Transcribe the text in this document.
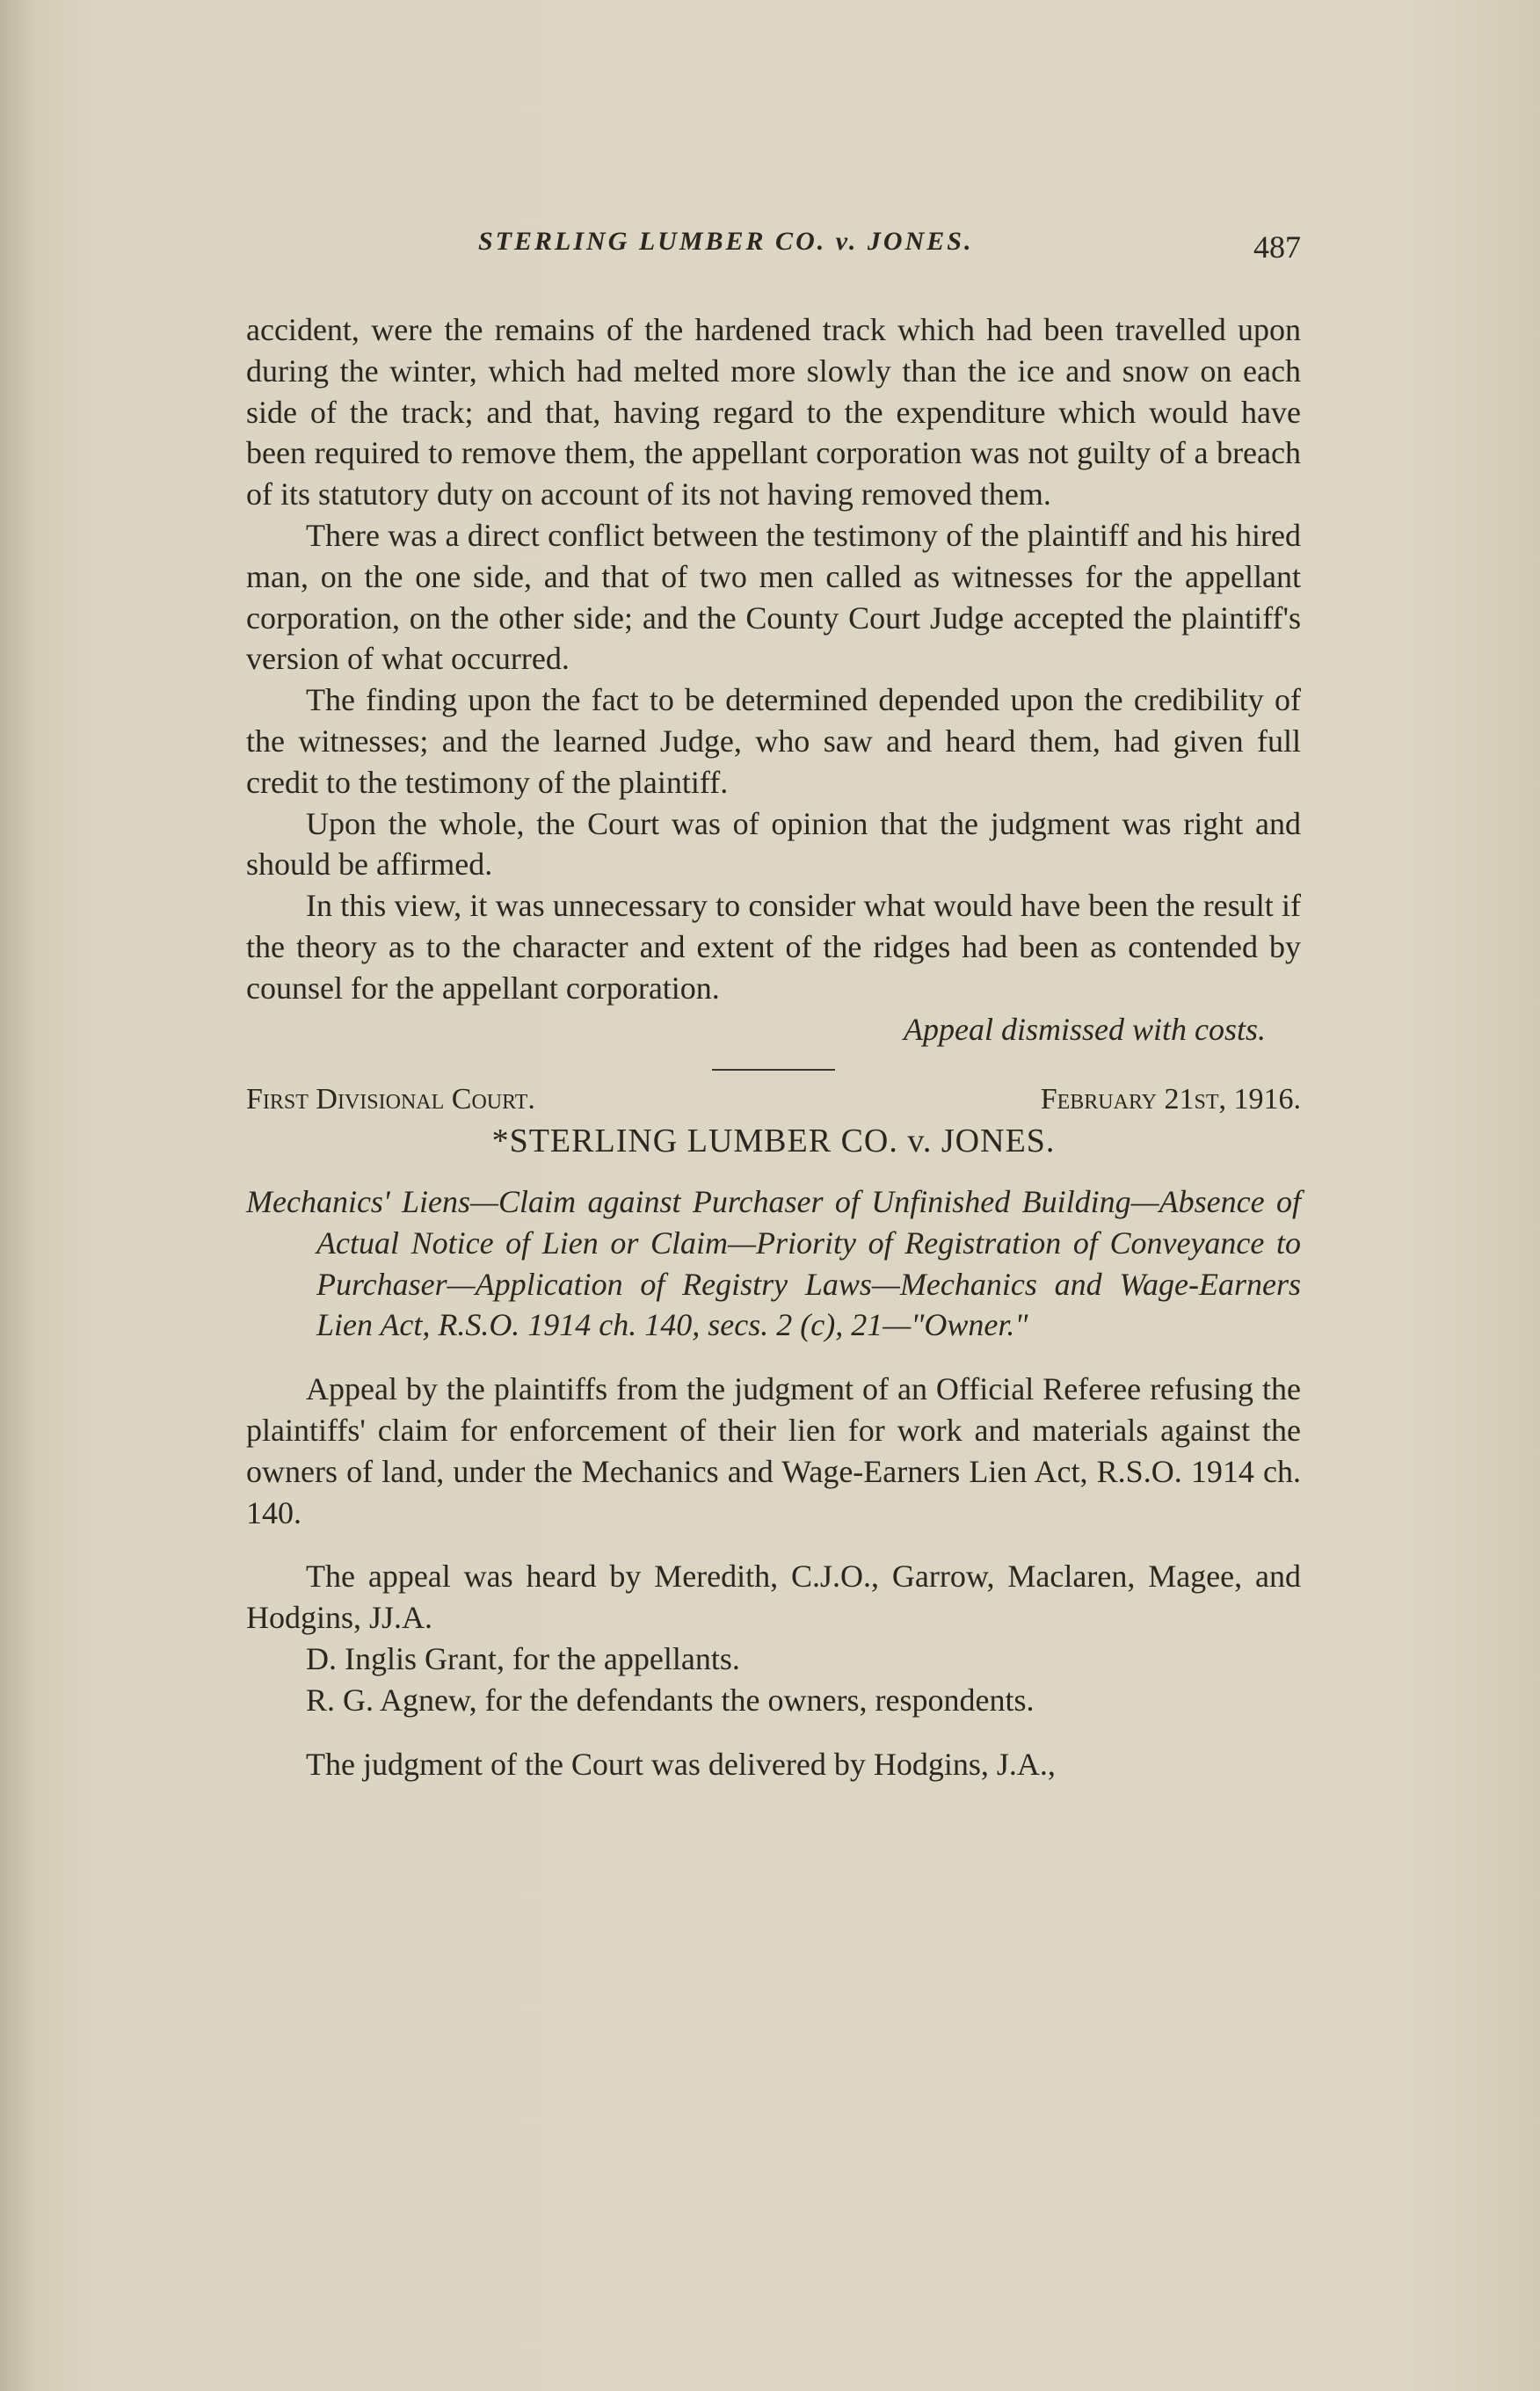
STERLING LUMBER CO. v. JONES.	487

accident, were the remains of the hardened track which had been travelled upon during the winter, which had melted more slowly than the ice and snow on each side of the track; and that, having regard to the expenditure which would have been required to remove them, the appellant corporation was not guilty of a breach of its statutory duty on account of its not having removed them.

There was a direct conflict between the testimony of the plaintiff and his hired man, on the one side, and that of two men called as witnesses for the appellant corporation, on the other side; and the County Court Judge accepted the plaintiff's version of what occurred.

The finding upon the fact to be determined depended upon the credibility of the witnesses; and the learned Judge, who saw and heard them, had given full credit to the testimony of the plaintiff.

Upon the whole, the Court was of opinion that the judgment was right and should be affirmed.

In this view, it was unnecessary to consider what would have been the result if the theory as to the character and extent of the ridges had been as contended by counsel for the appellant corporation.

Appeal dismissed with costs.

First Divisional Court.	February 21st, 1916.

*STERLING LUMBER CO. v. JONES.

Mechanics' Liens—Claim against Purchaser of Unfinished Building—Absence of Actual Notice of Lien or Claim—Priority of Registration of Conveyance to Purchaser—Application of Registry Laws—Mechanics and Wage-Earners Lien Act, R.S.O. 1914 ch. 140, secs. 2 (c), 21—"Owner."

Appeal by the plaintiffs from the judgment of an Official Referee refusing the plaintiffs' claim for enforcement of their lien for work and materials against the owners of land, under the Mechanics and Wage-Earners Lien Act, R.S.O. 1914 ch. 140.

The appeal was heard by Meredith, C.J.O., Garrow, Maclaren, Magee, and Hodgins, JJ.A.

D. Inglis Grant, for the appellants.

R. G. Agnew, for the defendants the owners, respondents.

The judgment of the Court was delivered by Hodgins, J.A.,
